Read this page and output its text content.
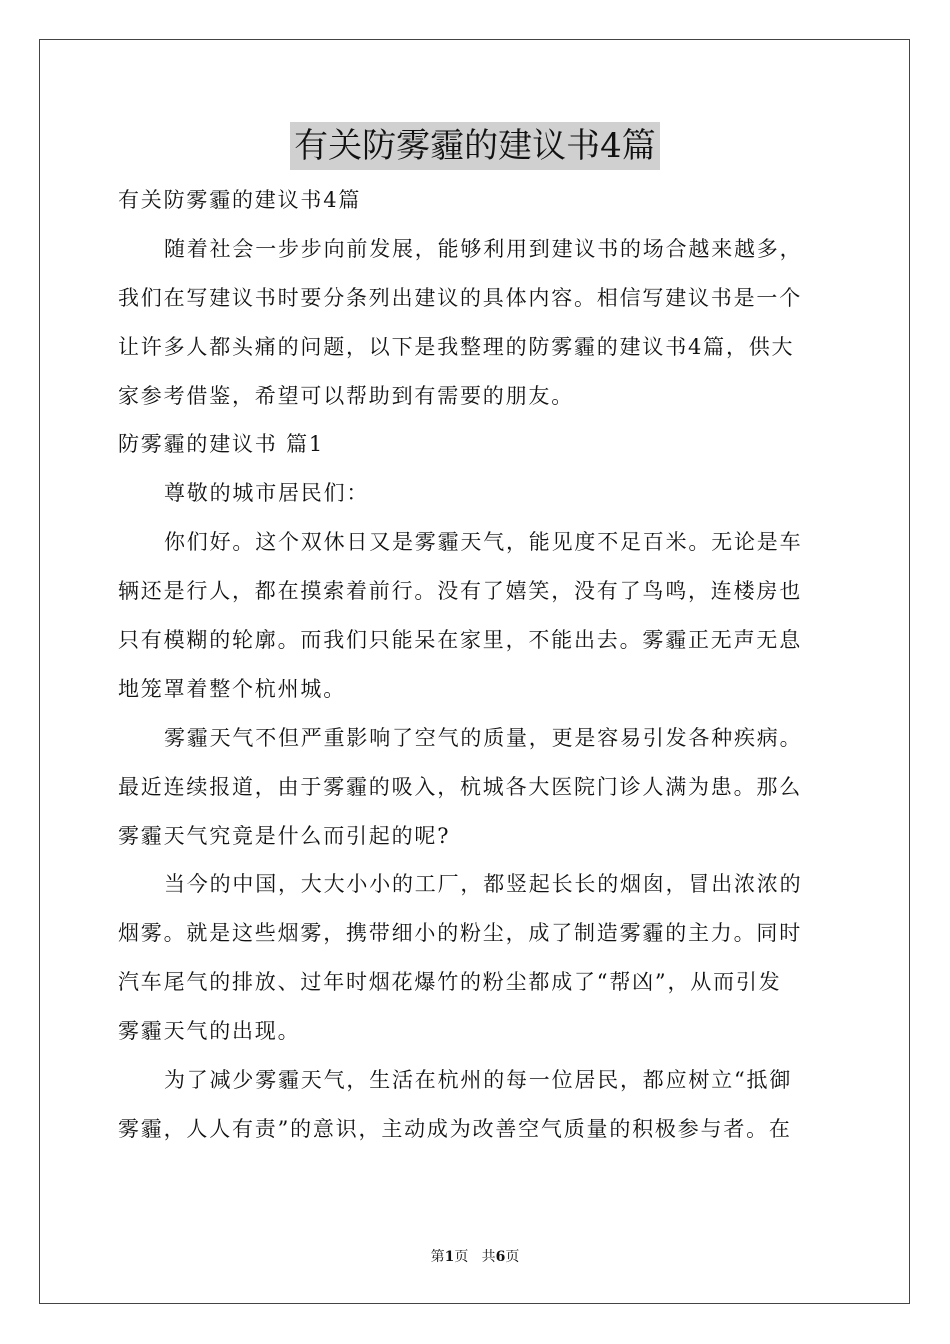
有关防雾霾的建议书4篇
有关防雾霾的建议书4篇
随着社会一步步向前发展，能够利用到建议书的场合越来越多，
我们在写建议书时要分条列出建议的具体内容。相信写建议书是一个
让许多人都头痛的问题，以下是我整理的防雾霾的建议书4篇，供大
家参考借鉴，希望可以帮助到有需要的朋友。
防雾霾的建议书 篇1
尊敬的城市居民们：
你们好。这个双休日又是雾霾天气，能见度不足百米。无论是车
辆还是行人，都在摸索着前行。没有了嬉笑，没有了鸟鸣，连楼房也
只有模糊的轮廓。而我们只能呆在家里，不能出去。雾霾正无声无息
地笼罩着整个杭州城。
雾霾天气不但严重影响了空气的质量，更是容易引发各种疾病。
最近连续报道，由于雾霾的吸入，杭城各大医院门诊人满为患。那么
雾霾天气究竟是什么而引起的呢?
当今的中国，大大小小的工厂，都竖起长长的烟囱，冒出浓浓的
烟雾。就是这些烟雾，携带细小的粉尘，成了制造雾霾的主力。同时
汽车尾气的排放、过年时烟花爆竹的粉尘都成了“帮凶”，从而引发
雾霾天气的出现。
为了减少雾霾天气，生活在杭州的每一位居民，都应树立“抵御
雾霾，人人有责”的意识，主动成为改善空气质量的积极参与者。在
第1页 共6页
